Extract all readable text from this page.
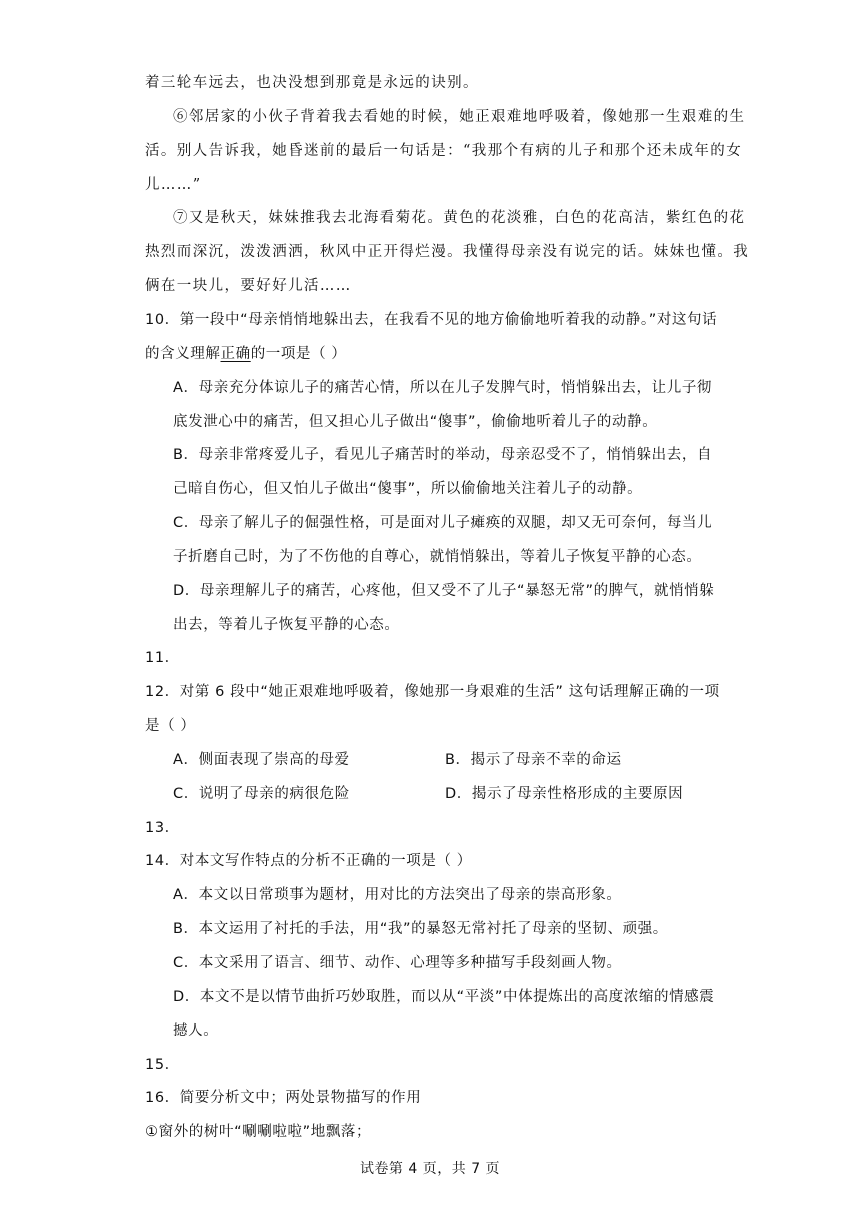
着三轮车远去，也决没想到那竟是永远的诀别。
⑥邻居家的小伙子背着我去看她的时候，她正艰难地呼吸着，像她那一生艰难的生
活。别人告诉我，她昏迷前的最后一句话是：“我那个有病的儿子和那个还未成年的女
儿……”
⑦又是秋天，妹妹推我去北海看菊花。黄色的花淡雅，白色的花高洁，紫红色的花
热烈而深沉，泼泼洒洒，秋风中正开得烂漫。我懂得母亲没有说完的话。妹妹也懂。我
俩在一块儿，要好好儿活……
10．第一段中“母亲悄悄地躲出去，在我看不见的地方偷偷地听着我的动静。”对这句话
的含义理解正确的一项是（ ）
A．母亲充分体谅儿子的痛苦心情，所以在儿子发脾气时，悄悄躲出去，让儿子彻
底发泄心中的痛苦，但又担心儿子做出“傻事”，偷偷地听着儿子的动静。
B．母亲非常疼爱儿子，看见儿子痛苦时的举动，母亲忍受不了，悄悄躲出去，自
己暗自伤心，但又怕儿子做出“傻事”，所以偷偷地关注着儿子的动静。
C．母亲了解儿子的倔强性格，可是面对儿子瘫痪的双腿，却又无可奈何，每当儿
子折磨自己时，为了不伤他的自尊心，就悄悄躲出，等着儿子恢复平静的心态。
D．母亲理解儿子的痛苦，心疼他，但又受不了儿子“暴怒无常”的脾气，就悄悄躲
出去，等着儿子恢复平静的心态。
11．
12．对第 6 段中“她正艰难地呼吸着，像她那一身艰难的生活” 这句话理解正确的一项
是（ ）
A．侧面表现了崇高的母爱	B．揭示了母亲不幸的命运
C．说明了母亲的病很危险	D．揭示了母亲性格形成的主要原因
13．
14．对本文写作特点的分析不正确的一项是（ ）
A．本文以日常琐事为题材，用对比的方法突出了母亲的崇高形象。
B．本文运用了衬托的手法，用“我”的暴怒无常衬托了母亲的坚韧、顽强。
C．本文采用了语言、细节、动作、心理等多种描写手段刻画人物。
D．本文不是以情节曲折巧妙取胜，而以从“平淡”中体提炼出的高度浓缩的情感震
撼人。
15．
16．简要分析文中；两处景物描写的作用
①窗外的树叶“唰唰啦啦”地飘落；
试卷第 4 页，共 7 页
